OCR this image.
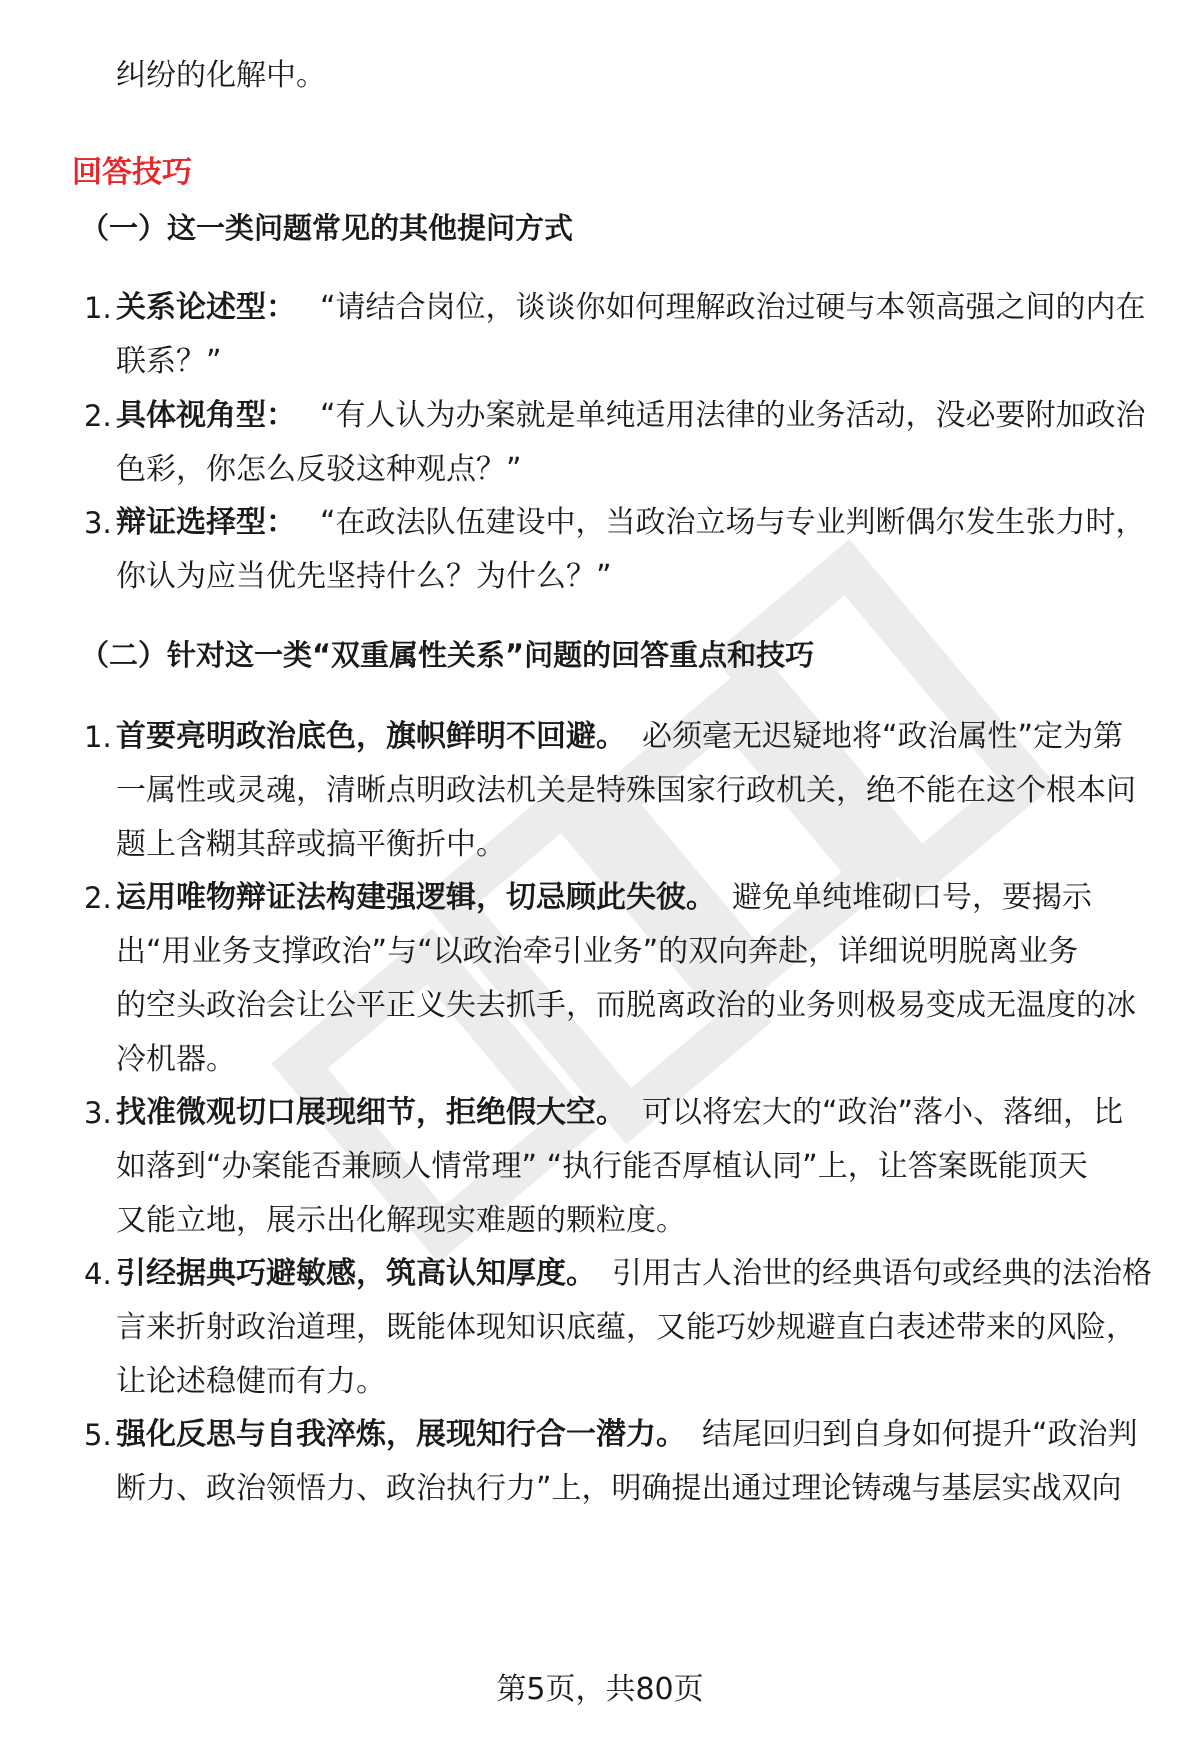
纠纷的化解中。
回答技巧
（一）这一类问题常见的其他提问方式
1. 关系论述型： “请结合岗位，谈谈你如何理解政治过硬与本领高强之间的内在
联系？”
2. 具体视角型： “有人认为办案就是单纯适用法律的业务活动，没必要附加政治
色彩，你怎么反驳这种观点？”
3. 辩证选择型： “在政法队伍建设中，当政治立场与专业判断偶尔发生张力时，
你认为应当优先坚持什么？为什么？”
（二）针对这一类“双重属性关系”问题的回答重点和技巧
1. 首要亮明政治底色，旗帜鲜明不回避。 必须毫无迟疑地将“政治属性”定为第
一属性或灵魂，清晰点明政法机关是特殊国家行政机关，绝不能在这个根本问
题上含糊其辞或搞平衡折中。
2. 运用唯物辩证法构建强逻辑，切忌顾此失彼。 避免单纯堆砌口号，要揭示
出“用业务支撑政治”与“以政治牵引业务”的双向奔赴，详细说明脱离业务
的空头政治会让公平正义失去抓手，而脱离政治的业务则极易变成无温度的冰
冷机器。
3. 找准微观切口展现细节，拒绝假大空。 可以将宏大的“政治”落小、落细，比
如落到“办案能否兼顾人情常理” “执行能否厚植认同”上，让答案既能顶天
又能立地，展示出化解现实难题的颗粒度。
4. 引经据典巧避敏感，筑高认知厚度。 引用古人治世的经典语句或经典的法治格
言来折射政治道理，既能体现知识底蕴，又能巧妙规避直白表述带来的风险，
让论述稳健而有力。
5. 强化反思与自我淬炼，展现知行合一潜力。 结尾回归到自身如何提升“政治判
断力、政治领悟力、政治执行力”上，明确提出通过理论铸魂与基层实战双向
第5页，共80页
